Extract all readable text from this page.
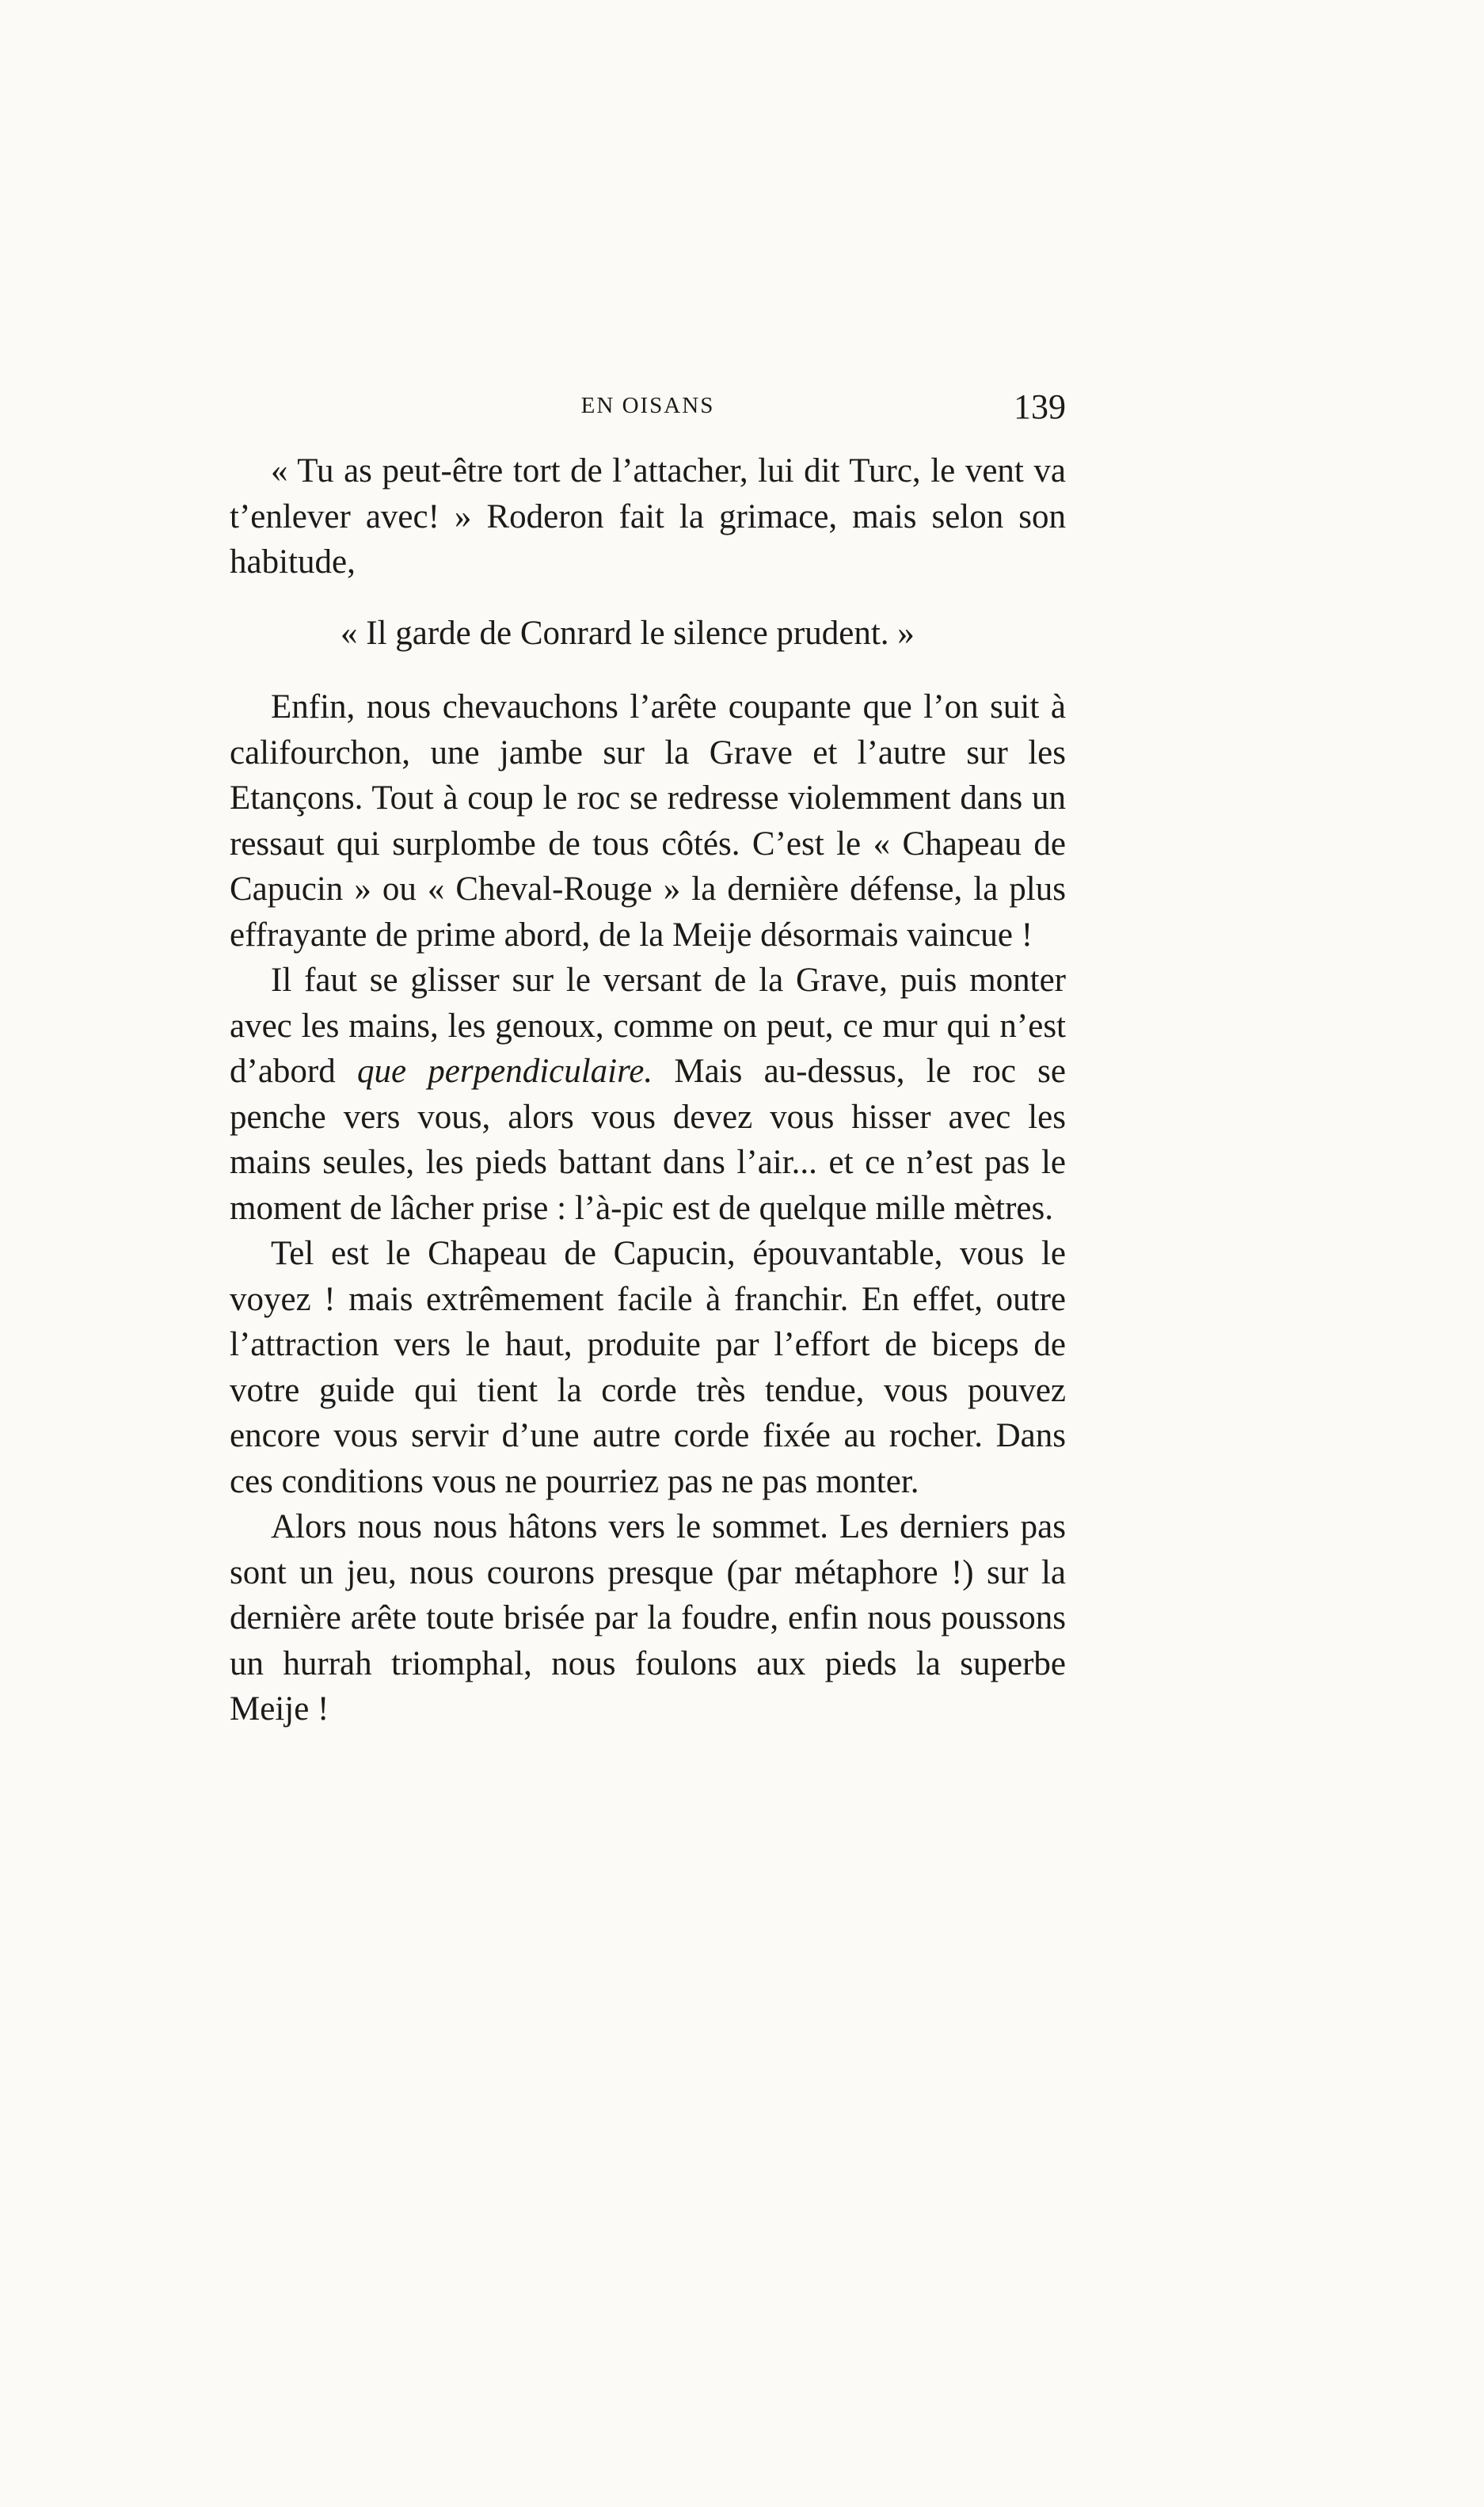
EN OISANS	139

« Tu as peut-être tort de l’attacher, lui dit Turc, le vent va t’enlever avec! » Roderon fait la grimace, mais selon son habitude,

« Il garde de Conrard le silence prudent. »

Enfin, nous chevauchons l’arête coupante que l’on suit à califourchon, une jambe sur la Grave et l’autre sur les Etançons. Tout à coup le roc se redresse violemment dans un ressaut qui surplombe de tous côtés. C’est le « Chapeau de Capucin » ou « Cheval-Rouge » la dernière défense, la plus effrayante de prime abord, de la Meije désormais vaincue !

Il faut se glisser sur le versant de la Grave, puis monter avec les mains, les genoux, comme on peut, ce mur qui n’est d’abord que perpendiculaire. Mais au-dessus, le roc se penche vers vous, alors vous devez vous hisser avec les mains seules, les pieds battant dans l’air... et ce n’est pas le moment de lâcher prise : l’à-pic est de quelque mille mètres.

Tel est le Chapeau de Capucin, épouvantable, vous le voyez ! mais extrêmement facile à franchir. En effet, outre l’attraction vers le haut, produite par l’effort de biceps de votre guide qui tient la corde très tendue, vous pouvez encore vous servir d’une autre corde fixée au rocher. Dans ces conditions vous ne pourriez pas ne pas monter.

Alors nous nous hâtons vers le sommet. Les derniers pas sont un jeu, nous courons presque (par métaphore !) sur la dernière arête toute brisée par la foudre, enfin nous poussons un hurrah triomphal, nous foulons aux pieds la superbe Meije !
